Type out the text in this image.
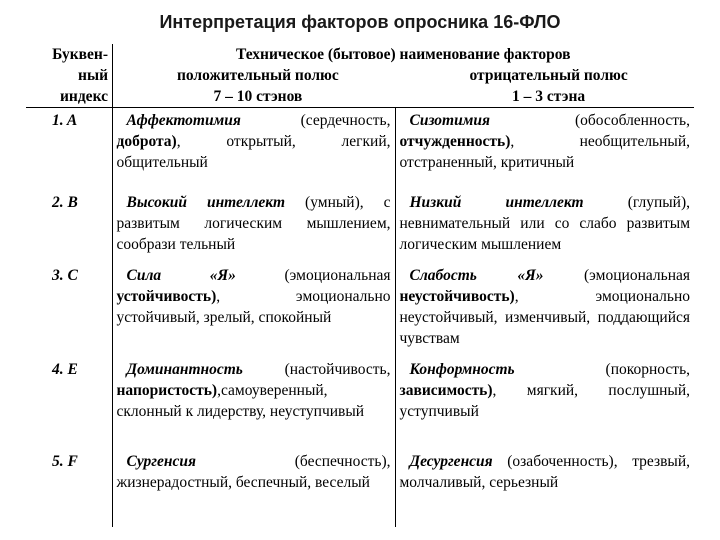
Интерпретация факторов опросника 16-ФЛО
Буквен-ный индекс	Техническое (бытовое) наименование факторов
положительный полюс
7 – 10 стэнов
отрицательный полюс
1 – 3 стэна	

1. A	Аффектотимия (сердечность, доброта), открытый, легкий, общительный	Сизотимия (обособленность, отчужденность), необщительный, отстраненный, критичный

2. B	Высокий интеллект (умный), с развитым логическим мышлением, сообрази тельный	Низкий интеллект (глупый), невнимательный или со слабо развитым логическим мышлением

3. C	Сила «Я» (эмоциональная устойчивость), эмоционально устойчивый, зрелый, спокойный	Слабость «Я» (эмоциональная неустойчивость), эмоционально неустойчивый, изменчивый, поддающийся чувствам

4. E	Доминантность (настойчивость, напористость),самоуверенный, склонный к лидерству, неуступчивый	Конформность (покорность, зависимость), мягкий, послушный, уступчивый

5. F	Сургенсия (беспечность), жизнерадостный, беспечный, веселый	Десургенсия (озабоченность), трезвый, молчаливый, серьезный
